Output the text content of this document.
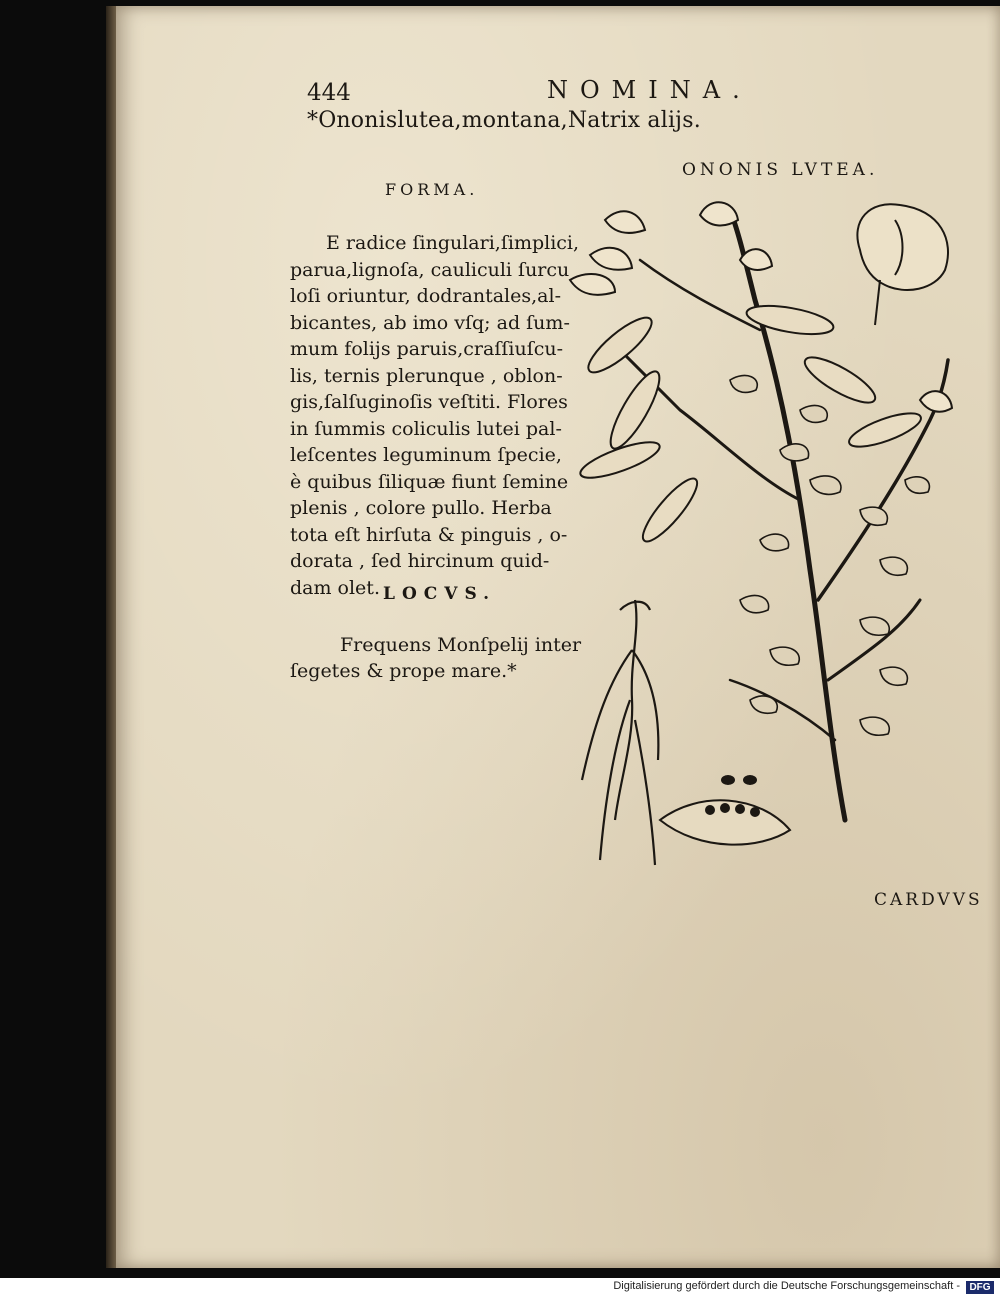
444	NOMINA.
*Ononislutea,montana,Natrix alijs.
ONONIS LVTEA.
FORMA.
E radice ſingulari,ſimplici,
parua,lignoſa, cauliculi ſurcu
loſi oriuntur, dodrantales,al-
bicantes, ab imo vſq; ad ſum-
mum folijs paruis,craſſiuſcu-
lis, ternis plerunque , oblon-
gis,ſalſuginoſis veſtiti. Flores
in ſummis coliculis lutei pal-
leſcentes leguminum ſpecie,
è quibus ſiliquæ fiunt ſemine
plenis , colore pullo. Herba
tota eſt hirſuta & pinguis , o-
dorata , ſed hircinum quid-
dam olet. LOCVS.
Frequens Monſpelij inter
ſegetes & prope mare.*
CARDVVS
Digitalisierung gefördert durch die Deutsche Forschungsgemeinschaft - DFG
